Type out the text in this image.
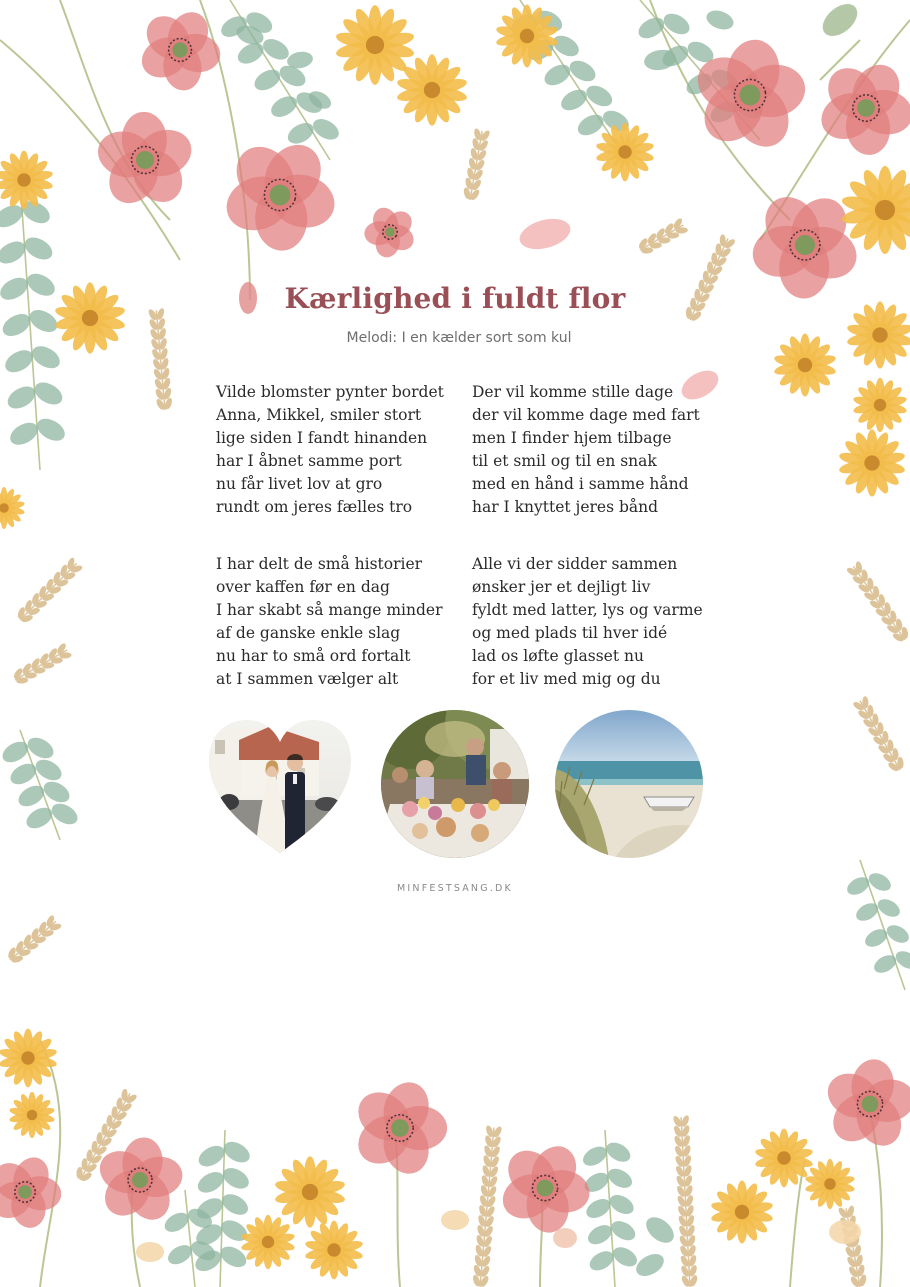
Kærlighed i fuldt flor
Melodi: I en kælder sort som kul
Vilde blomster pynter bordet
Anna, Mikkel, smiler stort
lige siden I fandt hinanden
har I åbnet samme port
nu får livet lov at gro
rundt om jeres fælles tro
Der vil komme stille dage
der vil komme dage med fart
men I finder hjem tilbage
til et smil og til en snak
med en hånd i samme hånd
har I knyttet jeres bånd
I har delt de små historier
over kaffen før en dag
I har skabt så mange minder
af de ganske enkle slag
nu har to små ord fortalt
at I sammen vælger alt
Alle vi der sidder sammen
ønsker jer et dejligt liv
fyldt med latter, lys og varme
og med plads til hver idé
lad os løfte glasset nu
for et liv med mig og du
MINFESTSANG.DK
